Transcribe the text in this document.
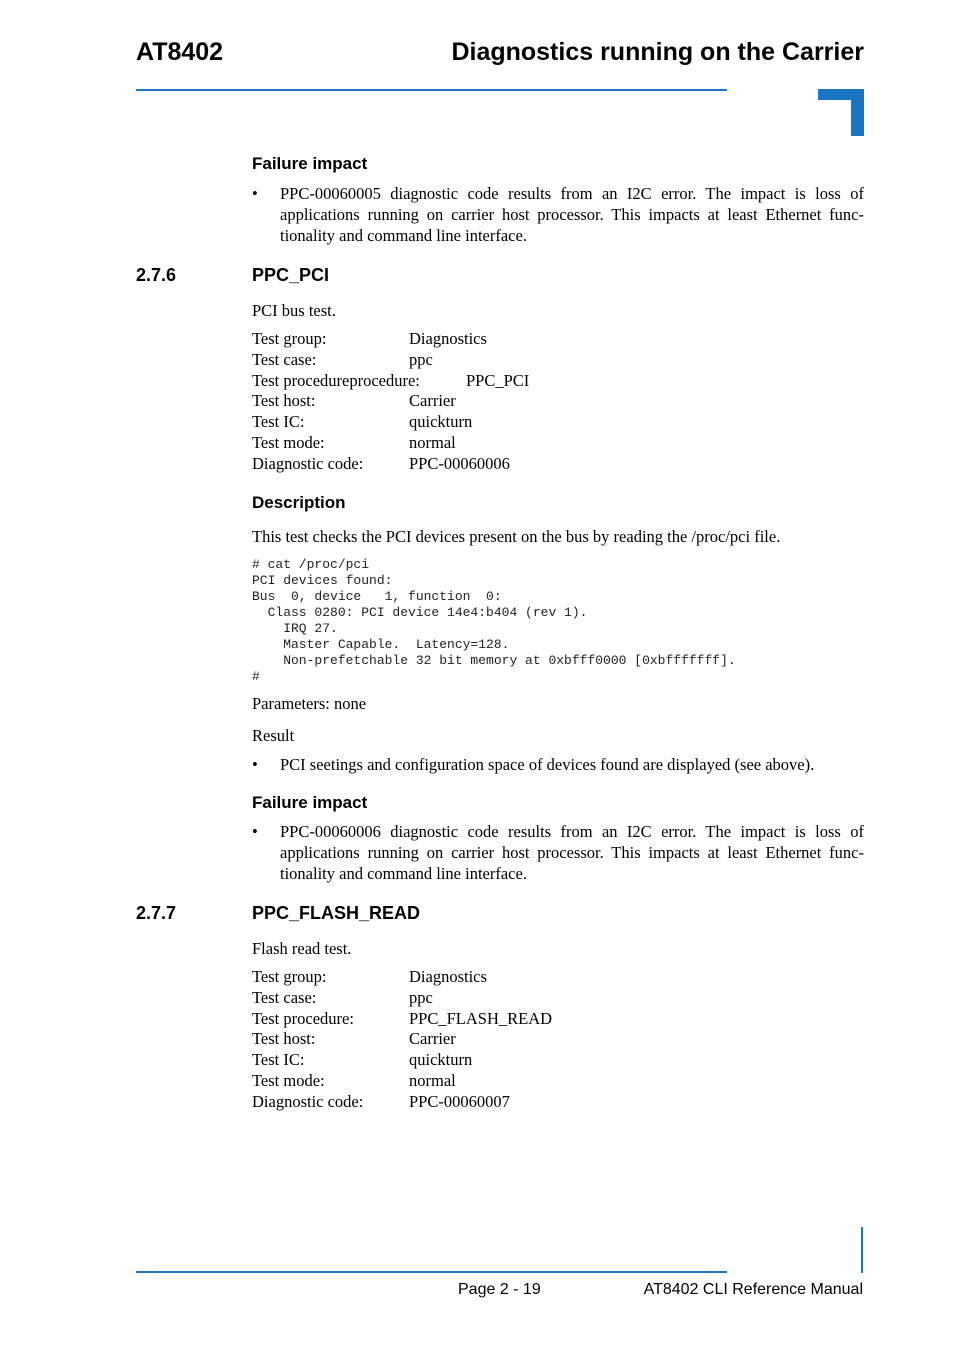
AT8402	Diagnostics running on the Carrier
Failure impact
• PPC-00060005 diagnostic code results from an I2C error. The impact is loss of applications running on carrier host processor. This impacts at least Ethernet func-tionality and command line interface.
2.7.6	PPC_PCI
PCI bus test.
Test group:	Diagnostics
Test case:	ppc
Test procedureprocedure:	PPC_PCI
Test host:	Carrier
Test IC:	quickturn
Test mode:	normal
Diagnostic code:	PPC-00060006
Description
This test checks the PCI devices present on the bus by reading the /proc/pci file.
# cat /proc/pci
PCI devices found:
Bus  0, device   1, function  0:
Class 0280: PCI device 14e4:b404 (rev 1).
IRQ 27.
Master Capable.  Latency=128.
Non-prefetchable 32 bit memory at 0xbfff0000 [0xbfffffff].
#
Parameters: none
Result
• PCI seetings and configuration space of devices found are displayed (see above).
Failure impact
• PPC-00060006 diagnostic code results from an I2C error. The impact is loss of applications running on carrier host processor. This impacts at least Ethernet func-tionality and command line interface.
2.7.7	PPC_FLASH_READ
Flash read test.
Test group:	Diagnostics
Test case:	ppc
Test procedure:	PPC_FLASH_READ
Test host:	Carrier
Test IC:	quickturn
Test mode:	normal
Diagnostic code:	PPC-00060007
Page 2 - 19	AT8402 CLI Reference Manual
